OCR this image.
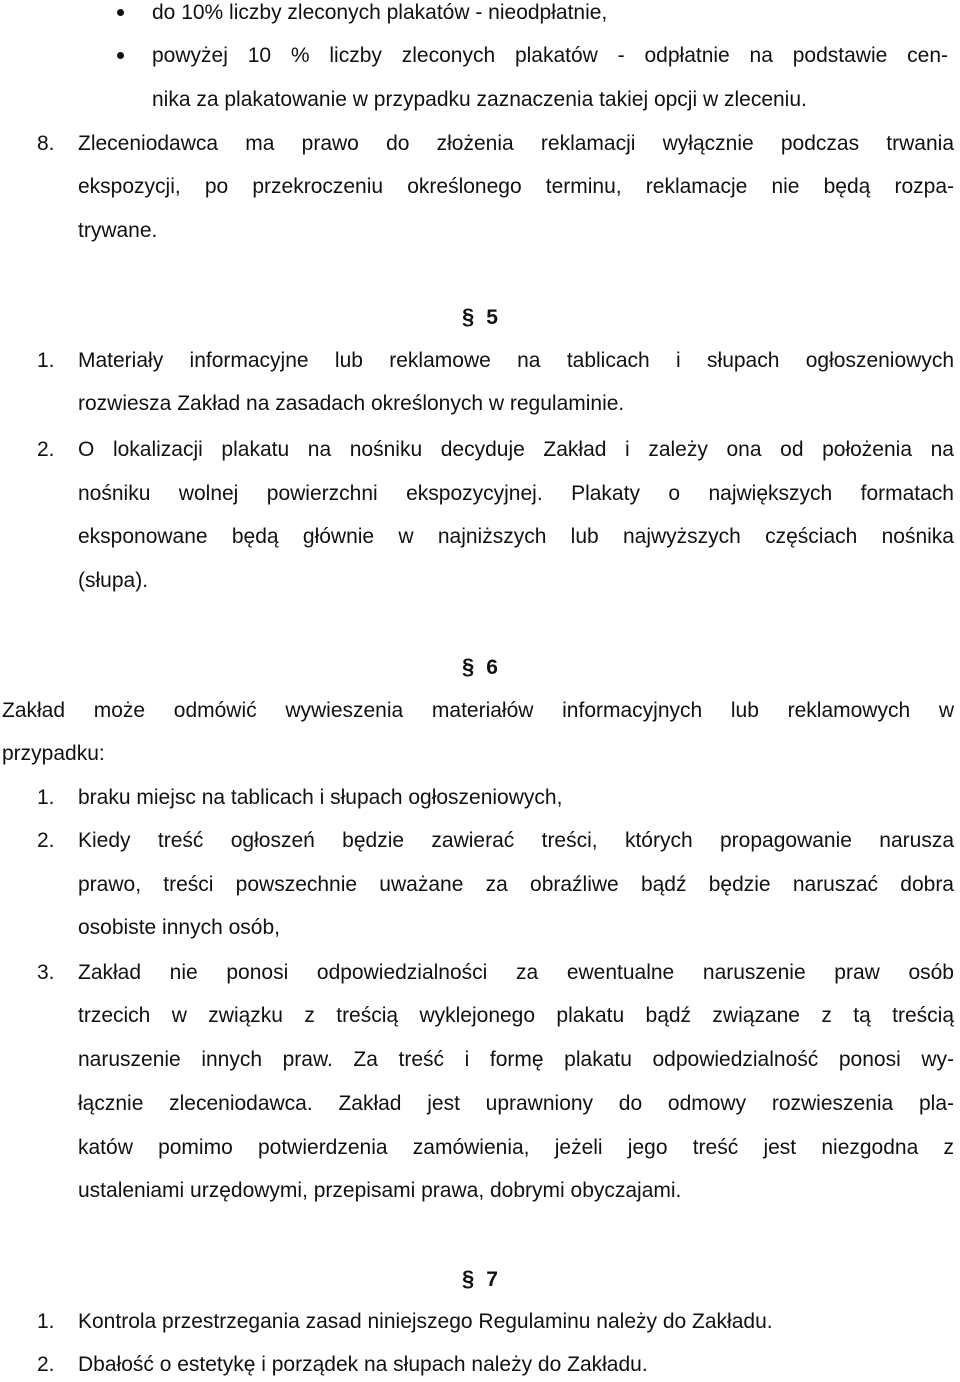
do 10% liczby zleconych plakatów - nieodpłatnie,
powyżej 10 % liczby zleconych plakatów - odpłatnie na podstawie cen-
nika za plakatowanie w przypadku zaznaczenia takiej opcji w zleceniu.
8. Zleceniodawca ma prawo do złożenia reklamacji wyłącznie podczas trwania
ekspozycji, po przekroczeniu określonego terminu, reklamacje nie będą rozpa-
trywane.
§ 5
1. Materiały informacyjne lub reklamowe na tablicach i słupach ogłoszeniowych
rozwiesza Zakład na zasadach określonych w regulaminie.
2. O lokalizacji plakatu na nośniku decyduje Zakład i zależy ona od położenia na
nośniku wolnej powierzchni ekspozycyjnej. Plakaty o największych formatach
eksponowane będą głównie w najniższych lub najwyższych częściach nośnika
(słupa).
§ 6
Zakład może odmówić wywieszenia materiałów informacyjnych lub reklamowych w
przypadku:
1. braku miejsc na tablicach i słupach ogłoszeniowych,
2. Kiedy treść ogłoszeń będzie zawierać treści, których propagowanie narusza
prawo, treści powszechnie uważane za obraźliwe bądź będzie naruszać dobra
osobiste innych osób,
3. Zakład nie ponosi odpowiedzialności za ewentualne naruszenie praw osób
trzecich w związku z treścią wyklejonego plakatu bądź związane z tą treścią
naruszenie innych praw. Za treść i formę plakatu odpowiedzialność ponosi wy-
łącznie zleceniodawca. Zakład jest uprawniony do odmowy rozwieszenia pla-
katów pomimo potwierdzenia zamówienia, jeżeli jego treść jest niezgodna z
ustaleniami urzędowymi, przepisami prawa, dobrymi obyczajami.
§ 7
1. Kontrola przestrzegania zasad niniejszego Regulaminu należy do Zakładu.
2. Dbałość o estetykę i porządek na słupach należy do Zakładu.
